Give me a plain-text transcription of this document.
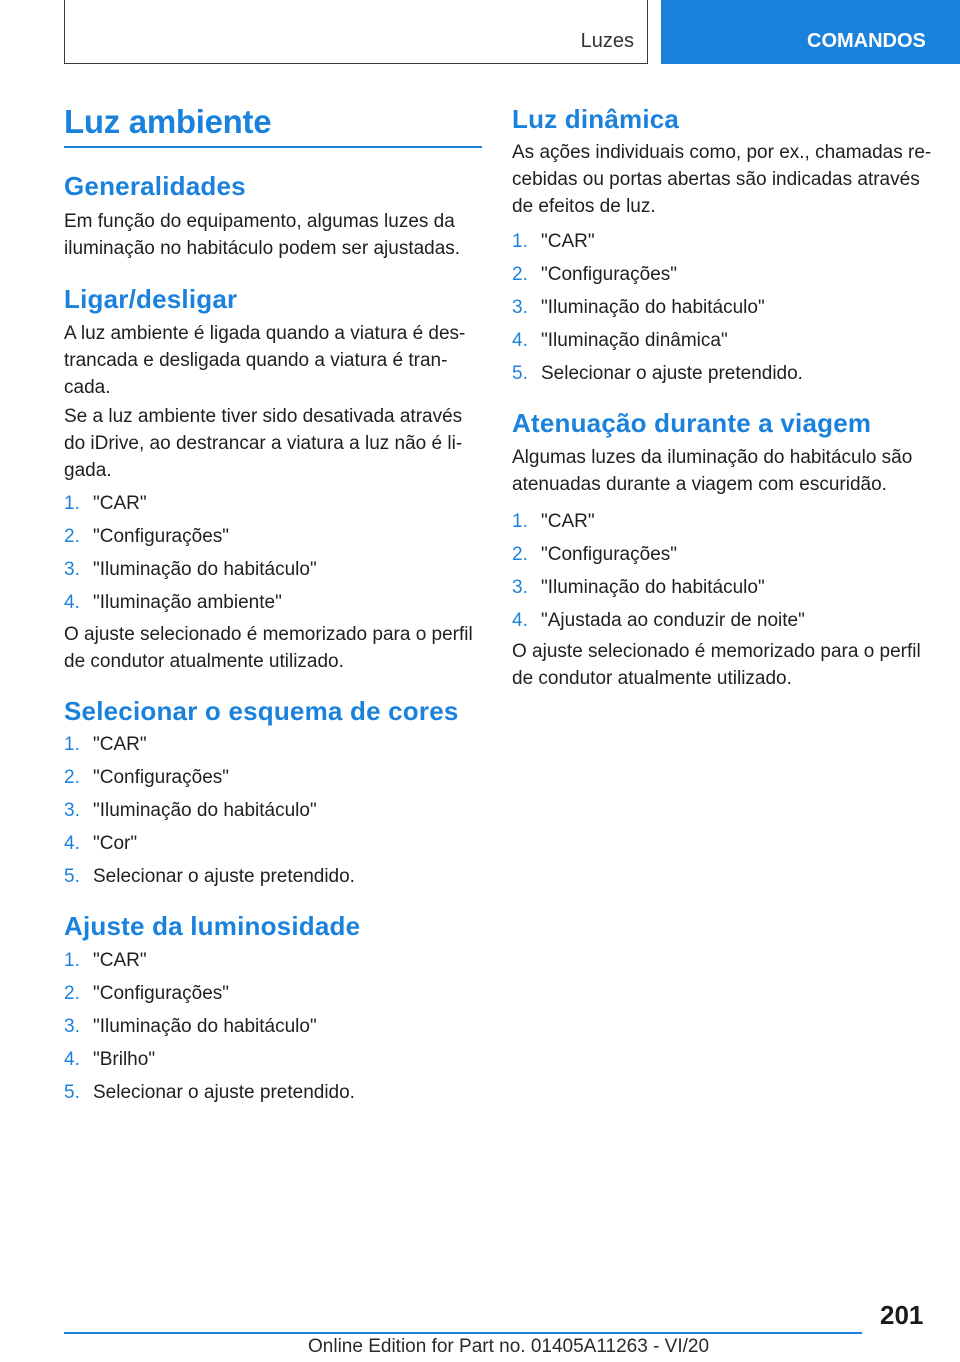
Luzes	COMANDOS
Luz ambiente
Generalidades

Em função do equipamento, algumas luzes da
iluminação no habitáculo podem ser ajustadas.

Ligar/desligar

A luz ambiente é ligada quando a viatura é des-
trancada e desligada quando a viatura é tran-
cada.

Se a luz ambiente tiver sido desativada através
do iDrive, ao destrancar a viatura a luz não é li-
gada.

1. "CAR"
2. "Configurações"
3. "Iluminação do habitáculo"
4. "Iluminação ambiente"

O ajuste selecionado é memorizado para o perfil
de condutor atualmente utilizado.

Selecionar o esquema de cores
1. "CAR"
2. "Configurações"
3. "Iluminação do habitáculo"
4. "Cor"
5. Selecionar o ajuste pretendido.
Ajuste da luminosidade
1. "CAR"
2. "Configurações"
3. "Iluminação do habitáculo"
4. "Brilho"
5. Selecionar o ajuste pretendido.
Luz dinâmica

As ações individuais como, por ex., chamadas re-
cebidas ou portas abertas são indicadas através
de efeitos de luz.

1. "CAR"
2. "Configurações"
3. "Iluminação do habitáculo"
4. "Iluminação dinâmica"
5. Selecionar o ajuste pretendido.
Atenuação durante a viagem

Algumas luzes da iluminação do habitáculo são
atenuadas durante a viagem com escuridão.

1. "CAR"
2. "Configurações"
3. "Iluminação do habitáculo"
4. "Ajustada ao conduzir de noite"

O ajuste selecionado é memorizado para o perfil
de condutor atualmente utilizado.

201
Online Edition for Part no. 01405A11263 - VI/20
